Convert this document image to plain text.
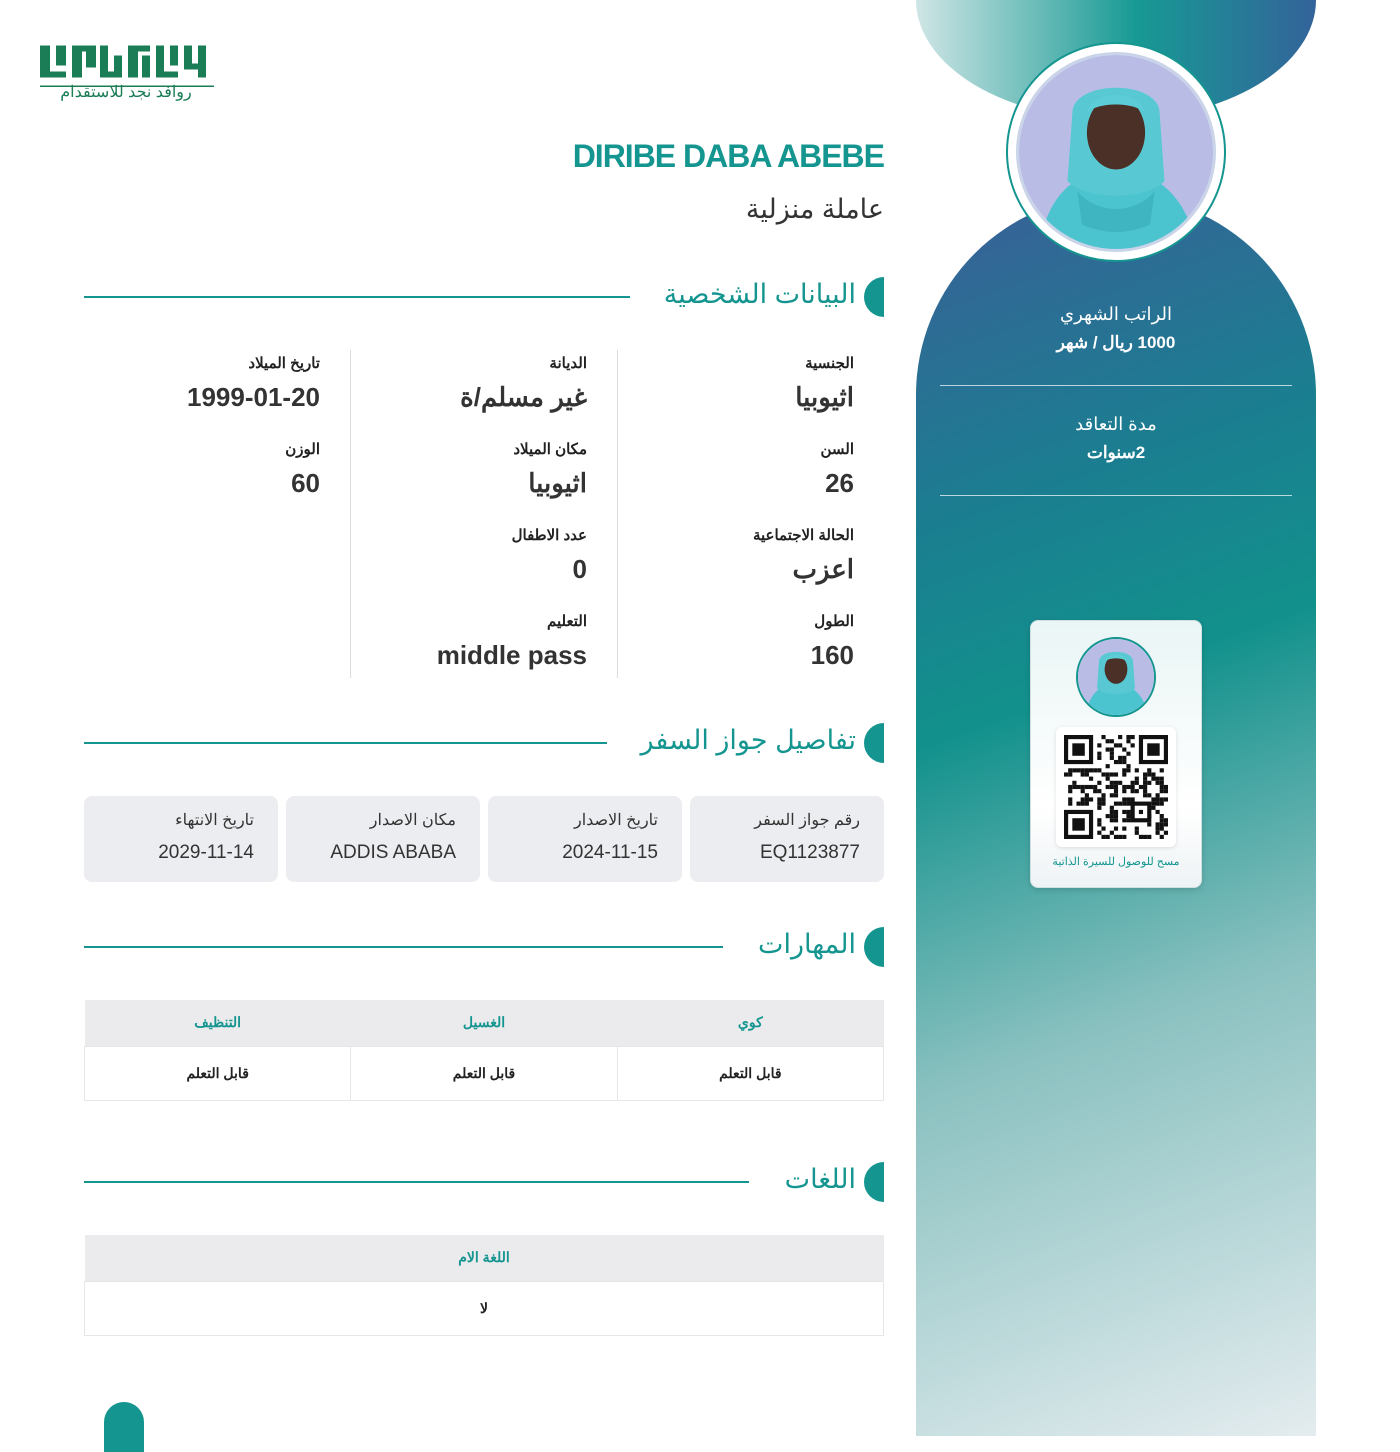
الراتب الشهري
1000 ريال / شهر
مدة التعاقد
2سنوات
مسح للوصول للسيرة الذاتية
روافد نجد للاستقدام
DIRIBE DABA ABEBE
عاملة منزلية
البيانات الشخصية
الجنسية
اثيوبيا
السن
26
الحالة الاجتماعية
اعزب
الطول
160
الديانة
غير مسلم/ة
مكان الميلاد
اثيوبيا
عدد الاطفال
0
التعليم
middle pass
تاريخ الميلاد
1999-01-20
الوزن
60
تفاصيل جواز السفر
رقم جواز السفر
EQ1123877
تاريخ الاصدار
2024-11-15
مكان الاصدار
ADDIS ABABA
تاريخ الانتهاء
2029-11-14
المهارات
كوي	الغسيل	التنظيف
قابل التعلم	قابل التعلم	قابل التعلم
اللغات
اللغة الام
لا
